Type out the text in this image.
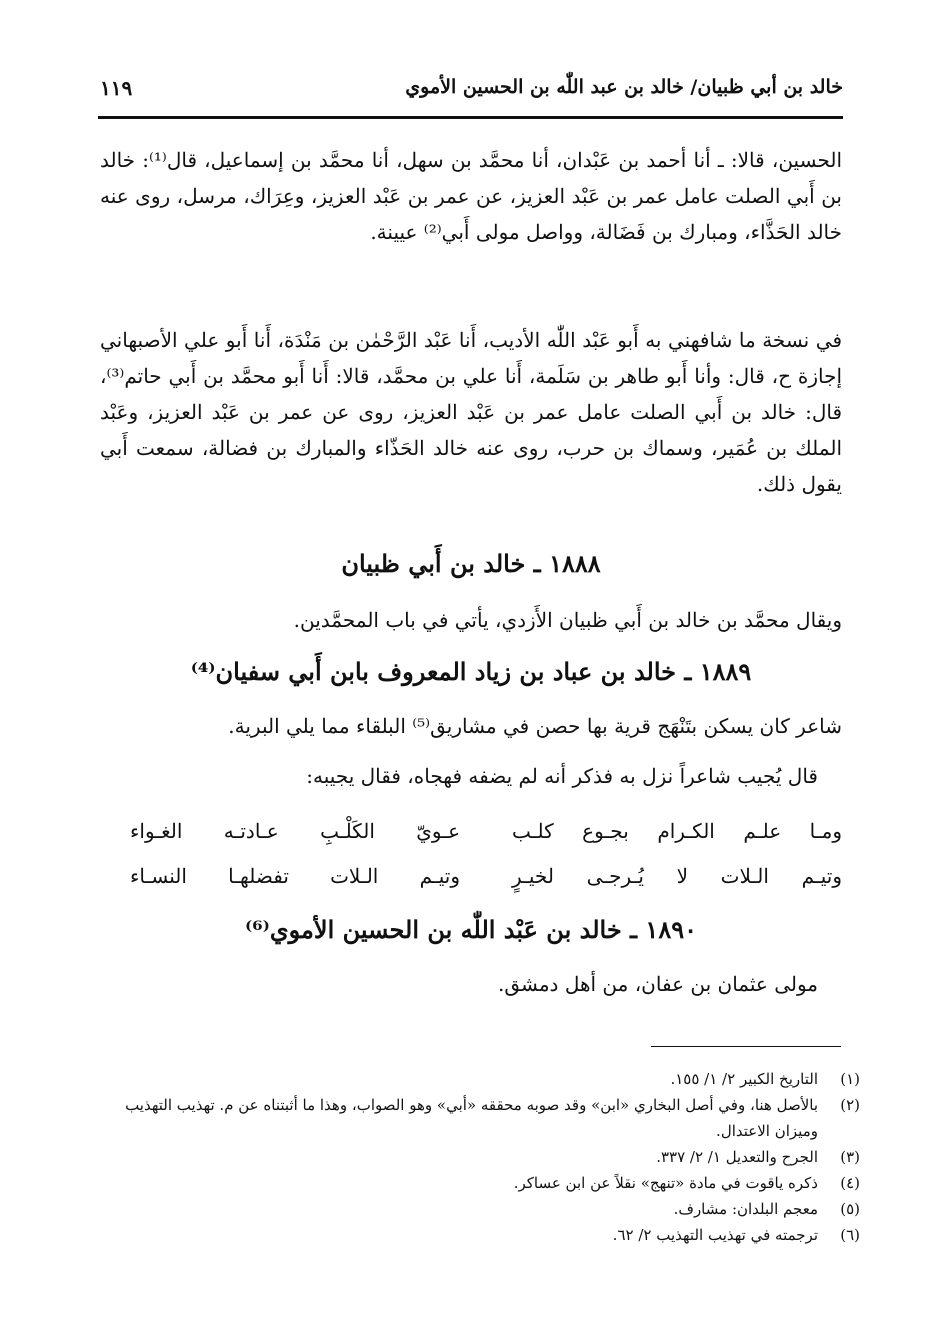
خالد بن أبي ظبيان/ خالد بن عبد اللّٰه بن الحسين الأموي
١١٩

الحسين، قالا: ـ أنا أحمد بن عَبْدان، أنا محمَّد بن سهل، أنا محمَّد بن إسماعيل، قال⁽¹⁾: خالد بن أَبي الصلت عامل عمر بن عَبْد العزيز، عن عمر بن عَبْد العزيز، وعِرَاك، مرسل، روى عنه خالد الحَذَّاء، ومبارك بن فَضَالة، وواصل مولى أَبي⁽²⁾ عيينة.

في نسخة ما شافهني به أَبو عَبْد اللّٰه الأديب، أَنا عَبْد الرَّحْمٰن بن مَنْدَة، أَنا أَبو علي الأصبهاني إجازة ح، قال: وأنا أَبو طاهر بن سَلَمة، أَنا علي بن محمَّد، قالا: أَنا أَبو محمَّد بن أَبي حاتم⁽³⁾، قال: خالد بن أَبي الصلت عامل عمر بن عَبْد العزيز، روى عن عمر بن عَبْد العزيز، وعَبْد الملك بن عُمَير، وسماك بن حرب، روى عنه خالد الحَذّاء والمبارك بن فضالة، سمعت أَبي يقول ذلك.

١٨٨٨ ـ خالد بن أَبي ظبيان

ويقال محمَّد بن خالد بن أَبي ظبيان الأَزدي، يأتي في باب المحمَّدين.

١٨٨٩ ـ خالد بن عباد بن زياد المعروف بابن أَبي سفيان⁽⁴⁾

شاعر كان يسكن بتَنْهَج قرية بها حصن في مشاريق⁽⁵⁾ البلقاء مما يلي البرية.

قال يُجيب شاعراً نزل به فذكر أنه لم يضفه فهجاه، فقال يجيبه:

ومـا علـم الكـرام بجـوع كلـب
عـويّ الكَلْـبِ عـادتـه الغـواء
وتيـم الـلات لا يُـرجـى لخيـرٍ
وتيـم الـلات تفضلهـا النسـاء
١٨٩٠ ـ خالد بن عَبْد اللّٰه بن الحسين الأموي⁽⁶⁾

مولى عثمان بن عفان، من أهل دمشق.

(١)
التاريخ الكبير ٢/ ١/ ١٥٥.
(٢)
بالأصل هنا، وفي أصل البخاري «ابن» وقد صوبه محققه «أبي» وهو الصواب، وهذا ما أثبتناه عن م. تهذيب التهذيب وميزان الاعتدال.
(٣)
الجرح والتعديل ١/ ٢/ ٣٣٧.
(٤)
ذكره ياقوت في مادة «تنهج» نقلاً عن ابن عساكر.
(٥)
معجم البلدان: مشارف.
(٦)
ترجمته في تهذيب التهذيب ٢/ ٦٢.
